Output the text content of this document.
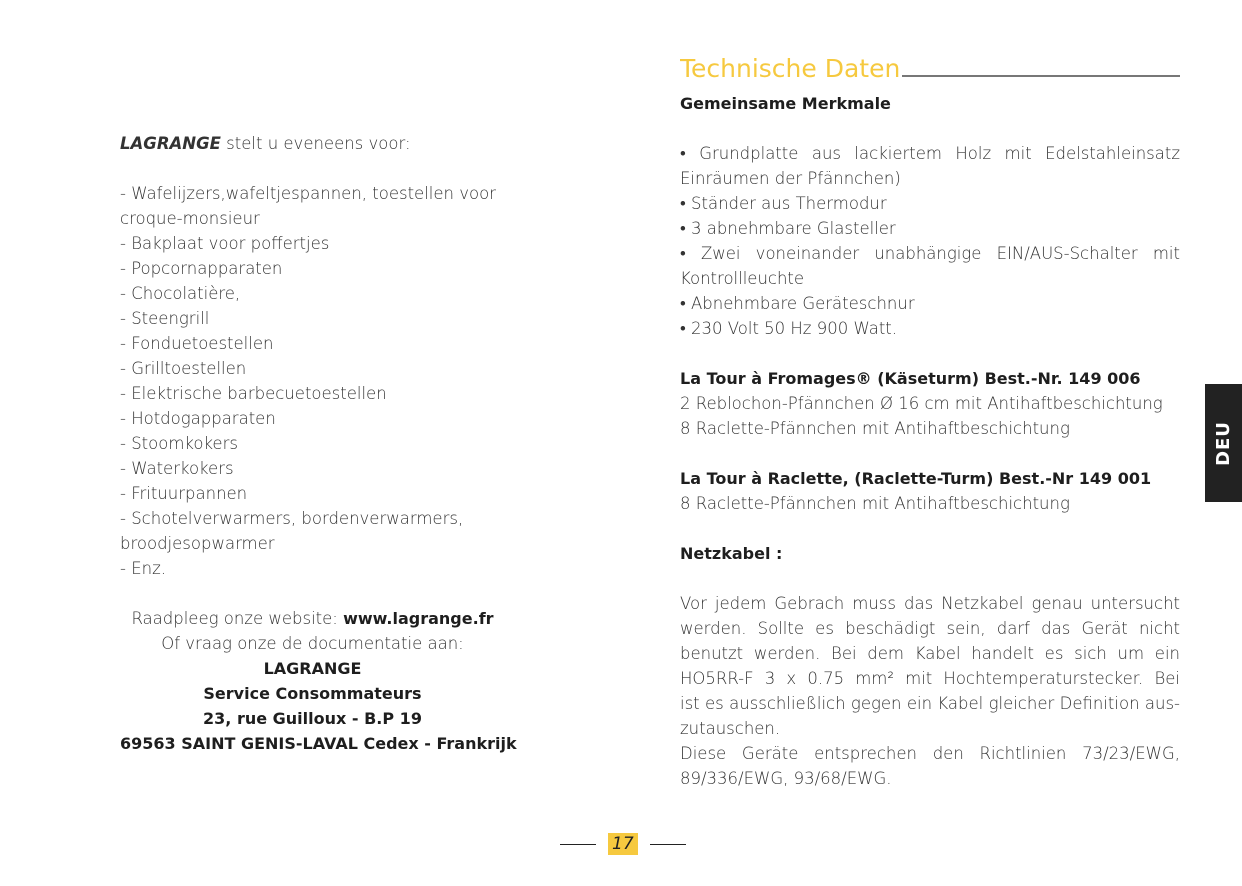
LAGRANGE stelt u eveneens voor:
- Wafelijzers,wafeltjespannen, toestellen voor
croque-monsieur
- Bakplaat voor poffertjes
- Popcornapparaten
- Chocolatière,
- Steengrill
- Fonduetoestellen
- Grilltoestellen
- Elektrische barbecuetoestellen
- Hotdogapparaten
- Stoomkokers
- Waterkokers
- Frituurpannen
- Schotelverwarmers, bordenverwarmers,
broodjesopwarmer
- Enz.
Raadpleeg onze website: www.lagrange.fr
Of vraag onze de documentatie aan:
LAGRANGE
Service Consommateurs
23, rue Guilloux - B.P 19
69563 SAINT GENIS-LAVAL Cedex - Frankrijk
Technische Daten
Gemeinsame Merkmale
• Grundplatte aus lackiertem Holz mit Edelstahleinsatz
Einräumen der Pfännchen)
• Ständer aus Thermodur
• 3 abnehmbare Glasteller
• Zwei voneinander unabhängige EIN/AUS-Schalter mit
Kontrollleuchte
• Abnehmbare Geräteschnur
• 230 Volt 50 Hz 900 Watt.
La Tour à Fromages® (Käseturm) Best.-Nr. 149 006
2 Reblochon-Pfännchen Ø 16 cm mit Antihaftbeschichtung
8 Raclette-Pfännchen mit Antihaftbeschichtung
La Tour à Raclette, (Raclette-Turm) Best.-Nr 149 001
8 Raclette-Pfännchen mit Antihaftbeschichtung
Netzkabel :
Vor jedem Gebrach muss das Netzkabel genau untersucht
werden. Sollte es beschädigt sein, darf das Gerät nicht
benutzt werden. Bei dem Kabel handelt es sich um ein
HO5RR-F 3 x 0.75 mm² mit Hochtemperaturstecker. Bei
ist es ausschließlich gegen ein Kabel gleicher Definition aus-
zutauschen.
Diese Geräte entsprechen den Richtlinien 73/23/EWG,
89/336/EWG, 93/68/EWG.
DEU
17
